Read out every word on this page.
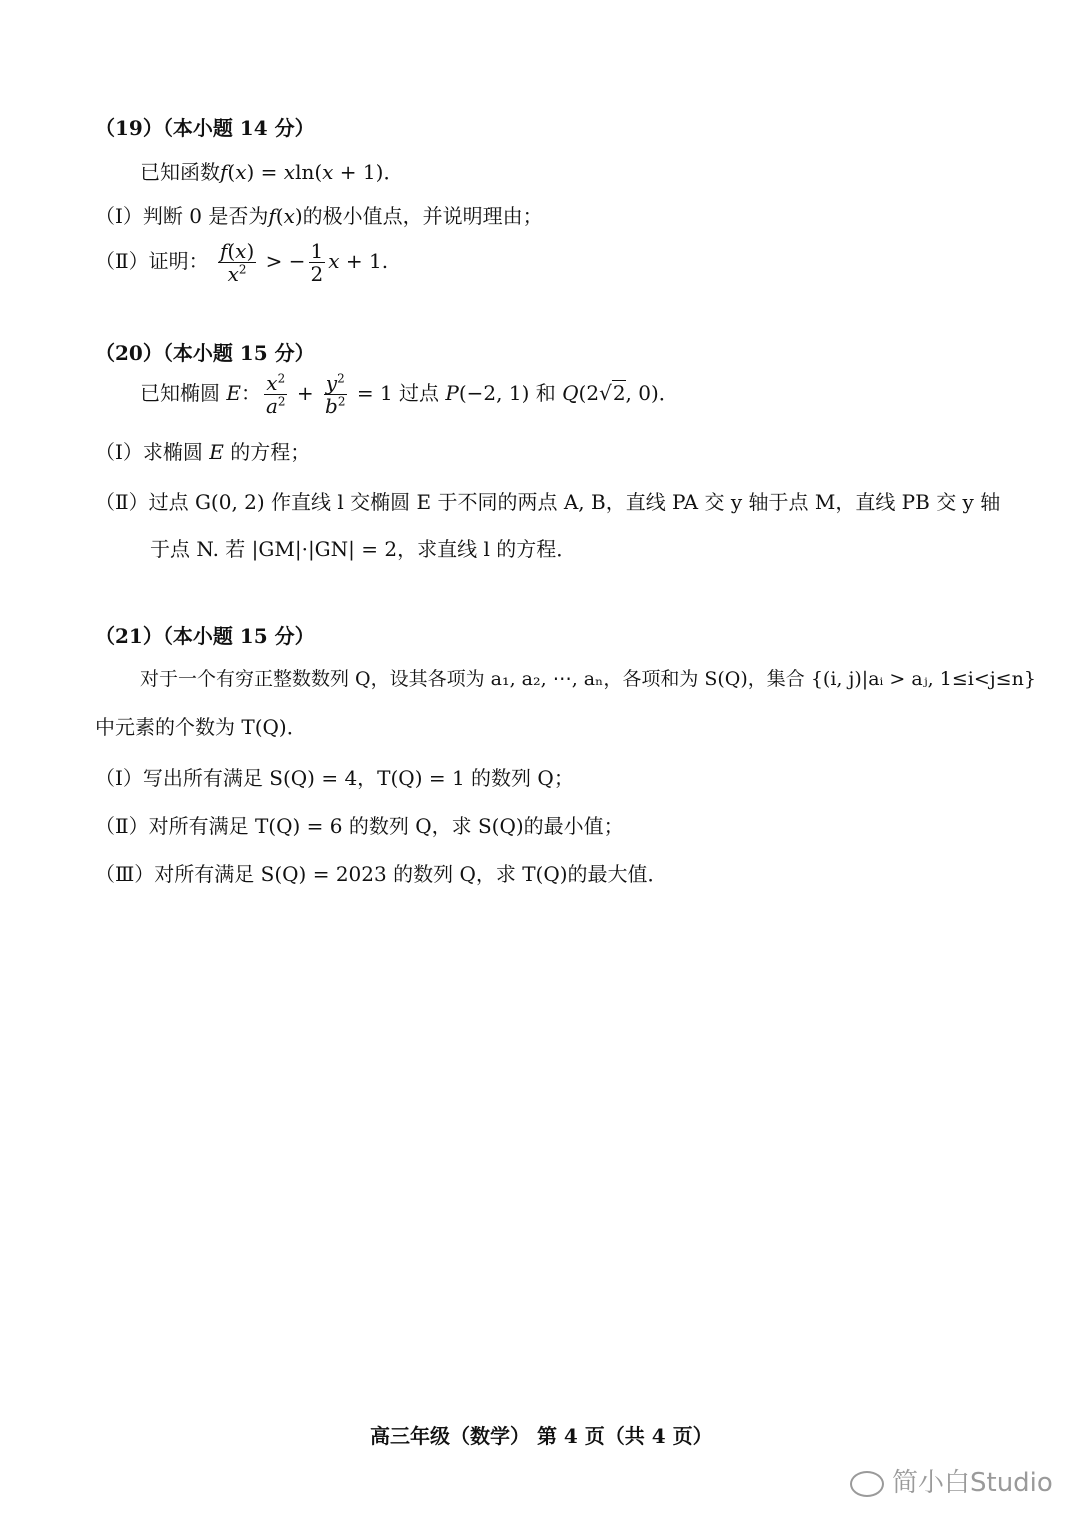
（19）（本小题 14 分）
已知函数f(x) = xln(x + 1)．
（Ⅰ）判断 0 是否为f(x)的极小值点，并说明理由；
（Ⅱ）证明： $\frac{f(x)}{x^2}$ > − $\frac{1}{2}$ x + 1.
（20）（本小题 15 分）
已知椭圆 E： $\frac{x^2}{a^2} + \frac{y^2}{b^2} = 1$ 过点 P(−2, 1) 和 Q(2√2, 0)．
（Ⅰ）求椭圆 E 的方程；
（Ⅱ）过点 G(0, 2) 作直线 l 交椭圆 E 于不同的两点 A, B，直线 PA 交 y 轴于点 M，直线 PB 交 y 轴
于点 N. 若 |GM|·|GN| = 2，求直线 l 的方程．
（21）（本小题 15 分）
对于一个有穷正整数数列 Q，设其各项为 a₁, a₂, ⋯, aₙ，各项和为 S(Q)，集合 {(i, j)|aᵢ > aⱼ, 1≤i<j≤n}
中元素的个数为 T(Q)．
（Ⅰ）写出所有满足 S(Q) = 4，T(Q) = 1 的数列 Q；
（Ⅱ）对所有满足 T(Q) = 6 的数列 Q，求 S(Q)的最小值；
（Ⅲ）对所有满足 S(Q) = 2023 的数列 Q，求 T(Q)的最大值．
高三年级（数学） 第 4 页（共 4 页）
简小白Studio
